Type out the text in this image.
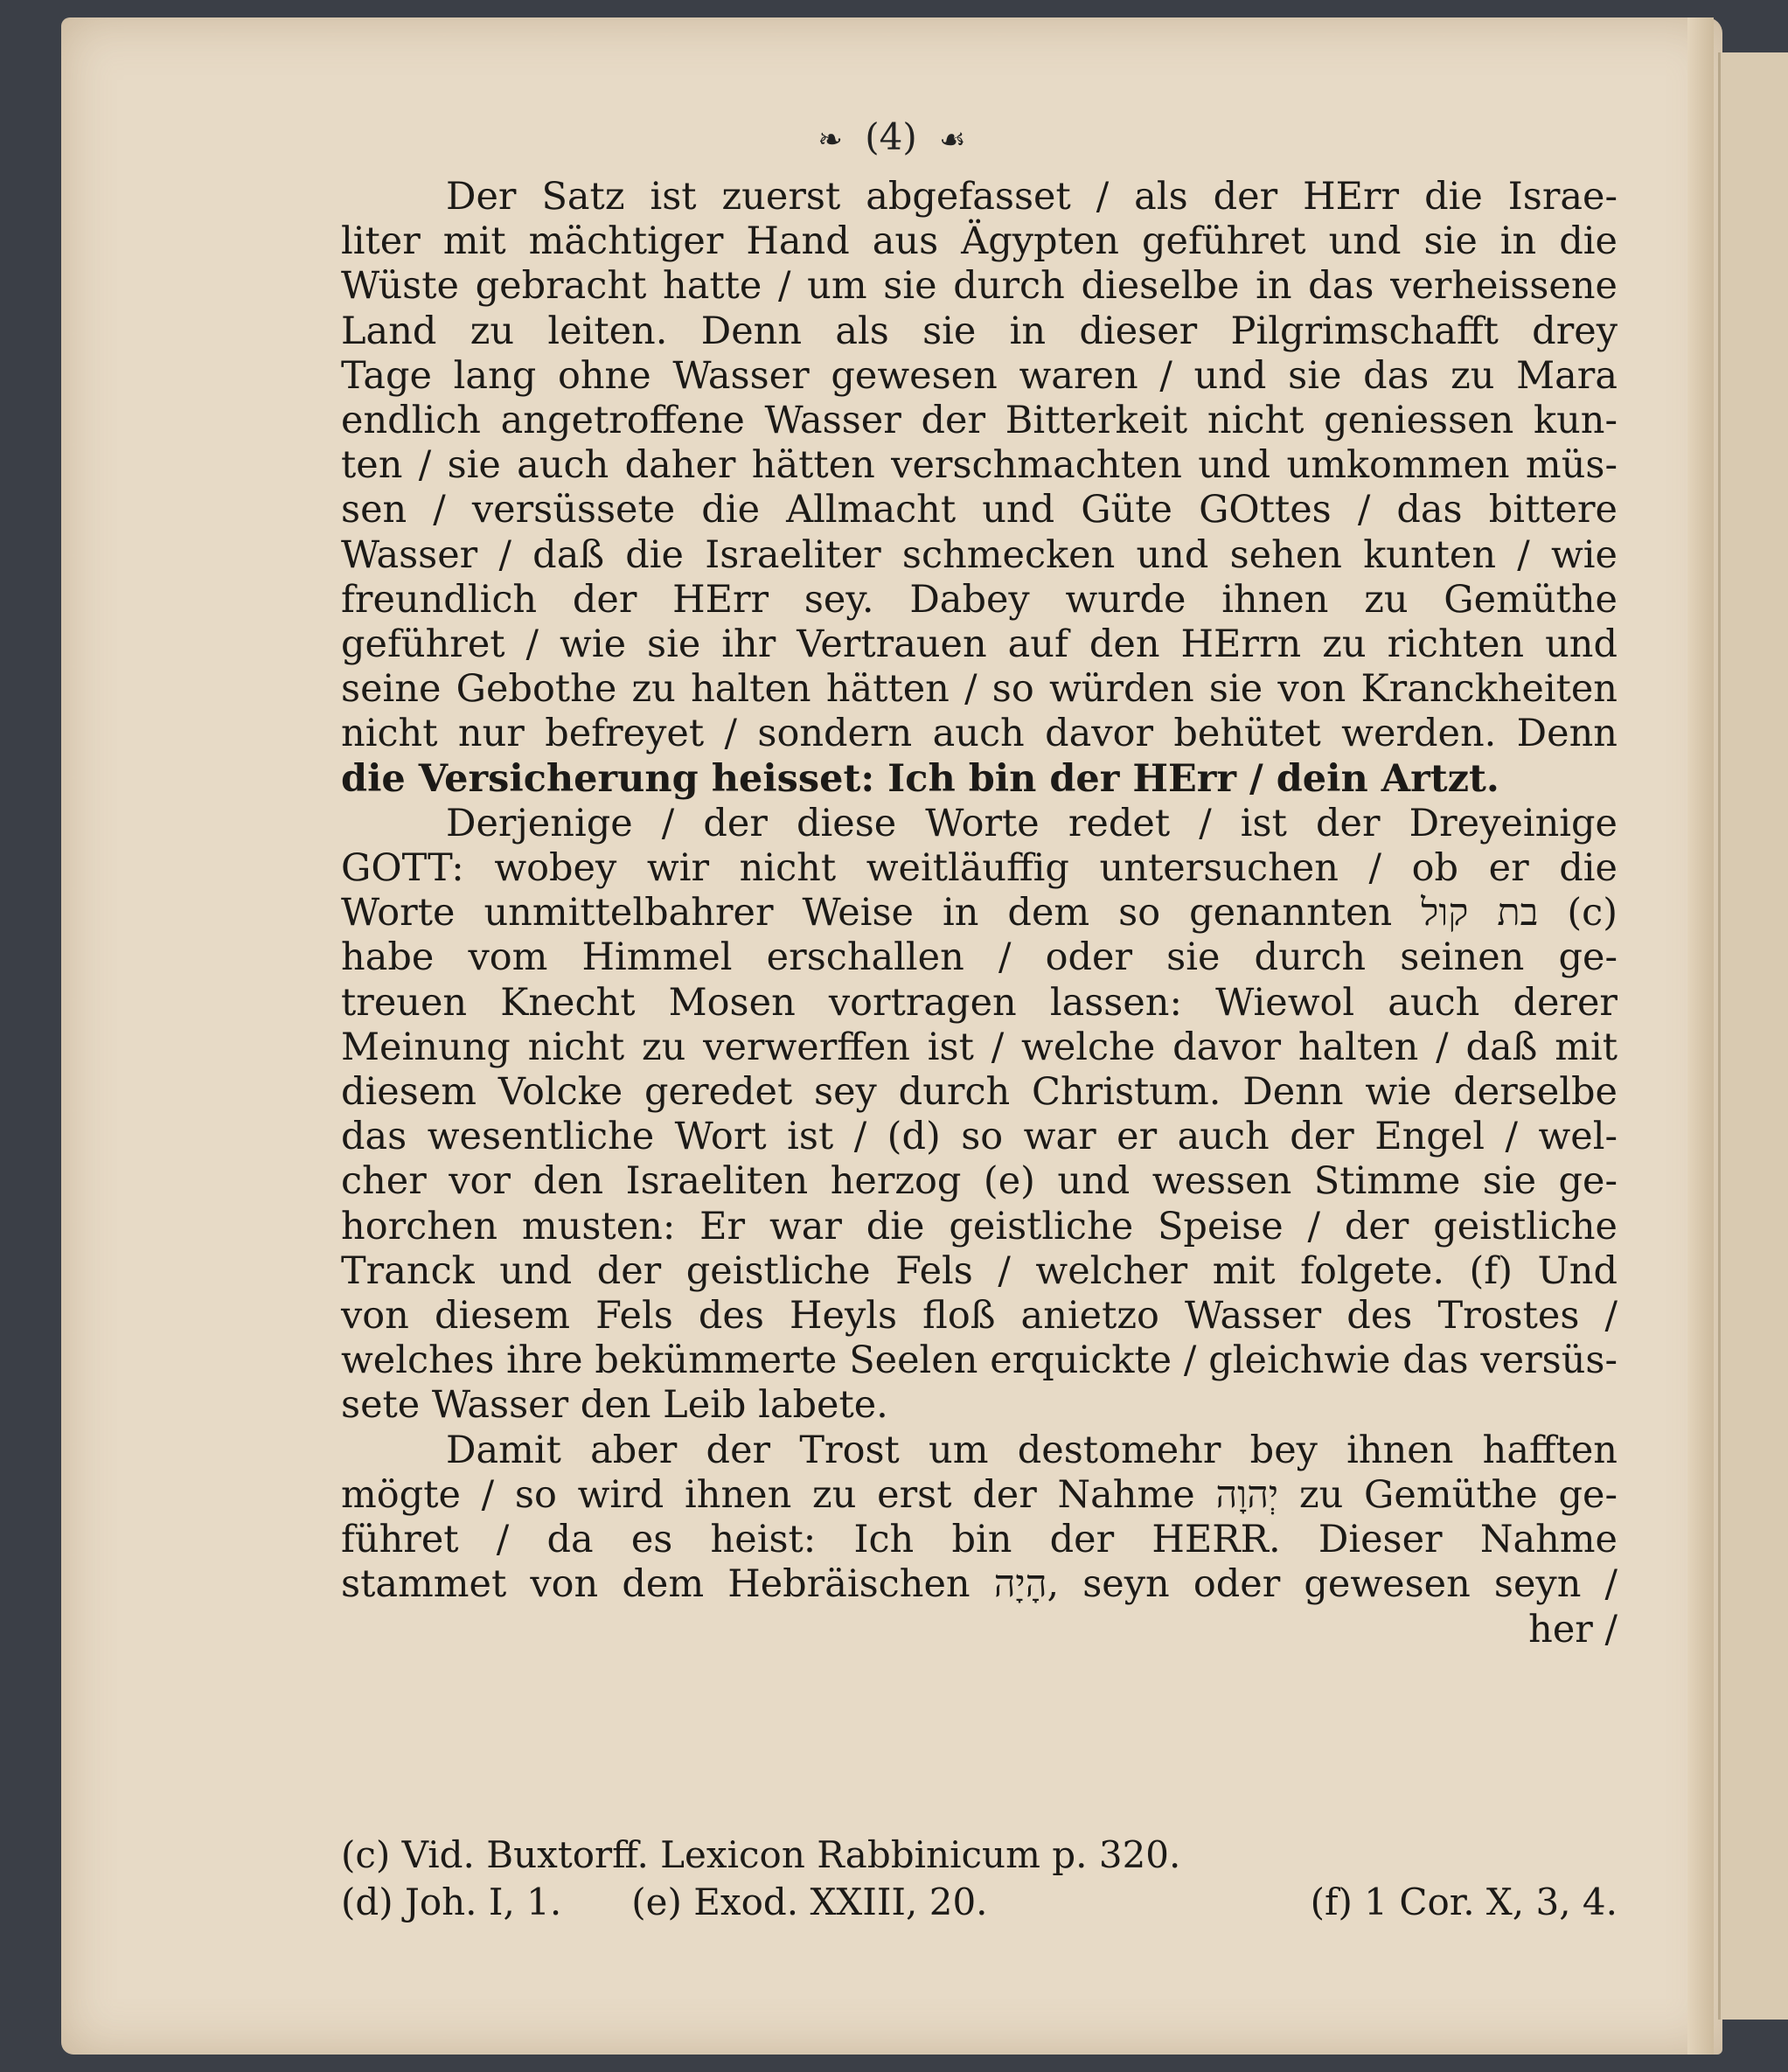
❧ (4) ☙
Der Satz ist zuerst abgefasset / als der HErr die Israe-
liter mit mächtiger Hand aus Ägypten geführet und sie in die
Wüste gebracht hatte / um sie durch dieselbe in das verheissene
Land zu leiten. Denn als sie in dieser Pilgrimschafft drey
Tage lang ohne Wasser gewesen waren / und sie das zu Mara
endlich angetroffene Wasser der Bitterkeit nicht geniessen kun-
ten / sie auch daher hätten verschmachten und umkommen müs-
sen / versüssete die Allmacht und Güte GOttes / das bittere
Wasser / daß die Israeliter schmecken und sehen kunten / wie
freundlich der HErr sey. Dabey wurde ihnen zu Gemüthe
geführet / wie sie ihr Vertrauen auf den HErrn zu richten und
seine Gebothe zu halten hätten / so würden sie von Kranckheiten
nicht nur befreyet / sondern auch davor behütet werden. Denn
die Versicherung heisset: Ich bin der HErr / dein Artzt.
Derjenige / der diese Worte redet / ist der Dreyeinige
GOTT: wobey wir nicht weitläuffig untersuchen / ob er die
Worte unmittelbahrer Weise in dem so genannten בת קול (c)
habe vom Himmel erschallen / oder sie durch seinen ge-
treuen Knecht Mosen vortragen lassen: Wiewol auch derer
Meinung nicht zu verwerffen ist / welche davor halten / daß mit
diesem Volcke geredet sey durch Christum. Denn wie derselbe
das wesentliche Wort ist / (d) so war er auch der Engel / wel-
cher vor den Israeliten herzog (e) und wessen Stimme sie ge-
horchen musten: Er war die geistliche Speise / der geistliche
Tranck und der geistliche Fels / welcher mit folgete. (f) Und
von diesem Fels des Heyls floß anietzo Wasser des Trostes /
welches ihre bekümmerte Seelen erquickte / gleichwie das versüs-
sete Wasser den Leib labete.
Damit aber der Trost um destomehr bey ihnen hafften
mögte / so wird ihnen zu erst der Nahme יְהוָה zu Gemüthe ge-
führet / da es heist: Ich bin der HERR. Dieser Nahme
stammet von dem Hebräischen הָיָה, seyn oder gewesen seyn /
her /
(c) Vid. Buxtorff. Lexicon Rabbinicum p. 320.
(d) Joh. I, 1. (e) Exod. XXIII, 20.	(f) 1 Cor. X, 3, 4.
